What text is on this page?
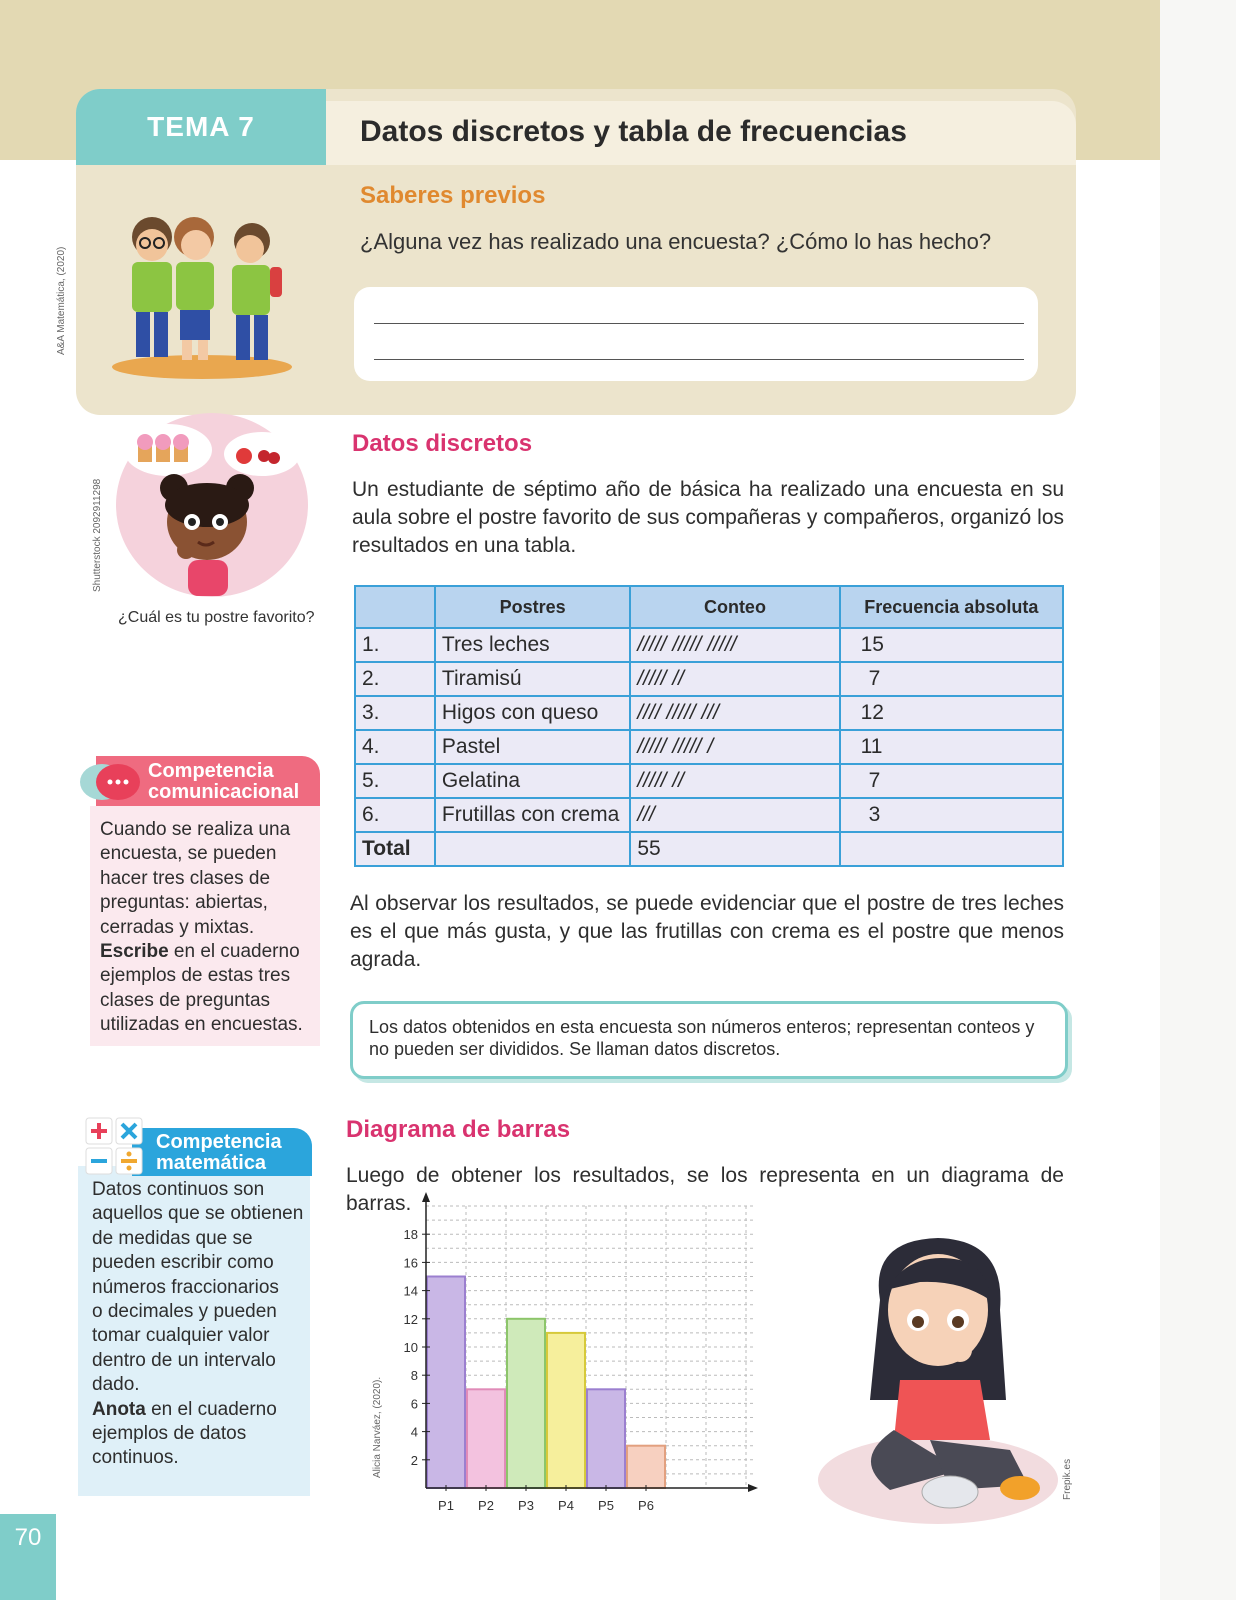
A&A Matemática, (2020)
Shutterstock 2092911298
Alicia Narváez, (2020).
Frepik.es
TEMA 7	Datos discretos y tabla de frecuencias
Saberes previos
¿Alguna vez has realizado una encuesta? ¿Cómo lo has hecho?
¿Cuál es tu postre favorito?
Datos discretos
Un estudiante de séptimo año de básica ha realizado una encuesta en su aula sobre el postre favorito de sus compañeras y compañeros, organizó los resultados en una tabla.
	Postres	Conteo	Frecuencia absoluta
1.	Tres leches	///// ///// /////	15
2.	Tiramisú	///// //	7
3.	Higos con queso	//// ///// ///	12
4.	Pastel	///// ///// /	11
5.	Gelatina	///// //	7
6.	Frutillas con crema	///	3
Total		55	
Al observar los resultados, se puede evidenciar que el postre de tres leches es el que más gusta, y que las frutillas con crema es el postre que menos agrada.
Los datos obtenidos en esta encuesta son números enteros; representan conteos y no pueden ser divididos. Se llaman datos discretos.
Competencia
comunicacional
Cuando se realiza una
encuesta, se pueden
hacer tres clases de
preguntas: abiertas,
cerradas y mixtas.
Escribe en el cuaderno
ejemplos de estas tres
clases de preguntas
utilizadas en encuestas.
Competencia
matemática
Datos continuos son
aquellos que se obtienen
de medidas que se
pueden escribir como
números fraccionarios
o decimales y pueden
tomar cualquier valor
dentro de un intervalo
dado.
Anota en el cuaderno
ejemplos de datos
continuos.
Diagrama de barras
Luego de obtener los resultados, se los representa en un diagrama de barras.
2
4
6
8
10
12
14
16
18
P1 P2 P3 P4 P5 P6
70
